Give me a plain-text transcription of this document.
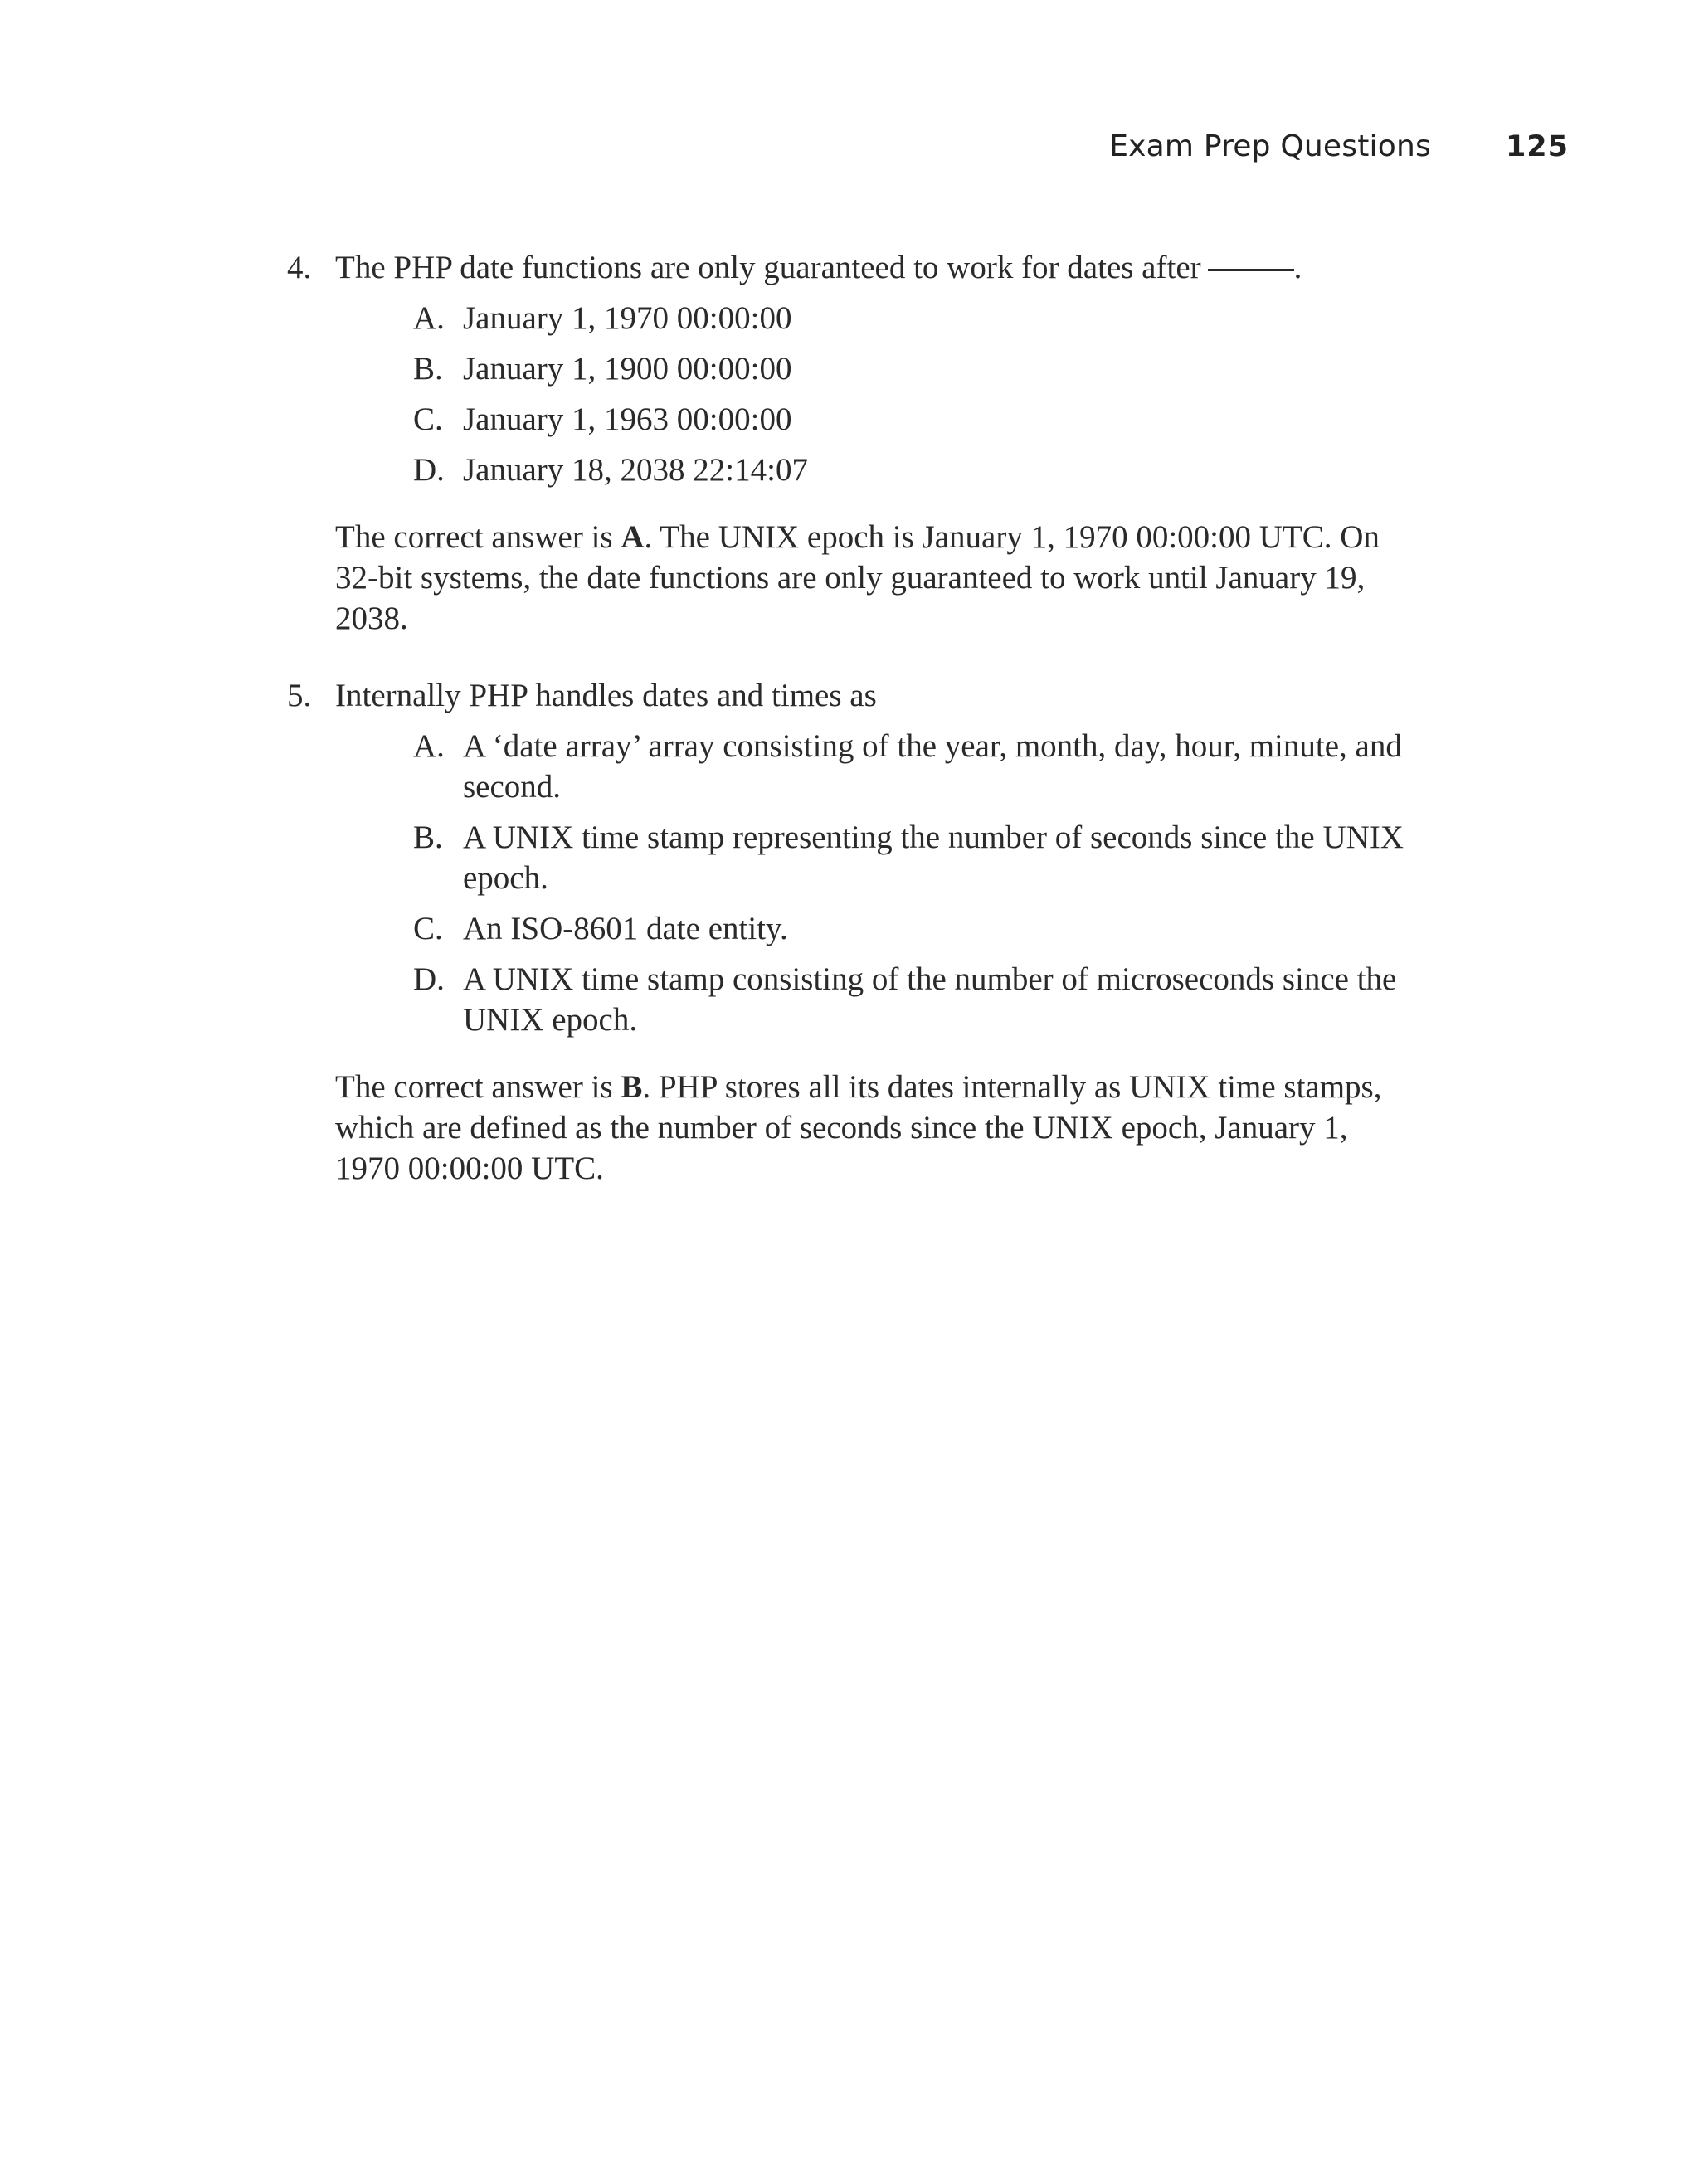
Exam Prep Questions	125
4. The PHP date functions are only guaranteed to work for dates after	.
A. January 1, 1970 00:00:00
B. January 1, 1900 00:00:00
C. January 1, 1963 00:00:00
D. January 18, 2038 22:14:07

The correct answer is A. The UNIX epoch is January 1, 1970 00:00:00 UTC. On 32-bit systems, the date functions are only guaranteed to work until January 19, 2038.

5. Internally PHP handles dates and times as
A. A ‘date array’ array consisting of the year, month, day, hour, minute, and second.
B. A UNIX time stamp representing the number of seconds since the UNIX epoch.
C. An ISO-8601 date entity.
D. A UNIX time stamp consisting of the number of microseconds since the UNIX epoch.

The correct answer is B. PHP stores all its dates internally as UNIX time stamps, which are defined as the number of seconds since the UNIX epoch, January 1, 1970 00:00:00 UTC.
